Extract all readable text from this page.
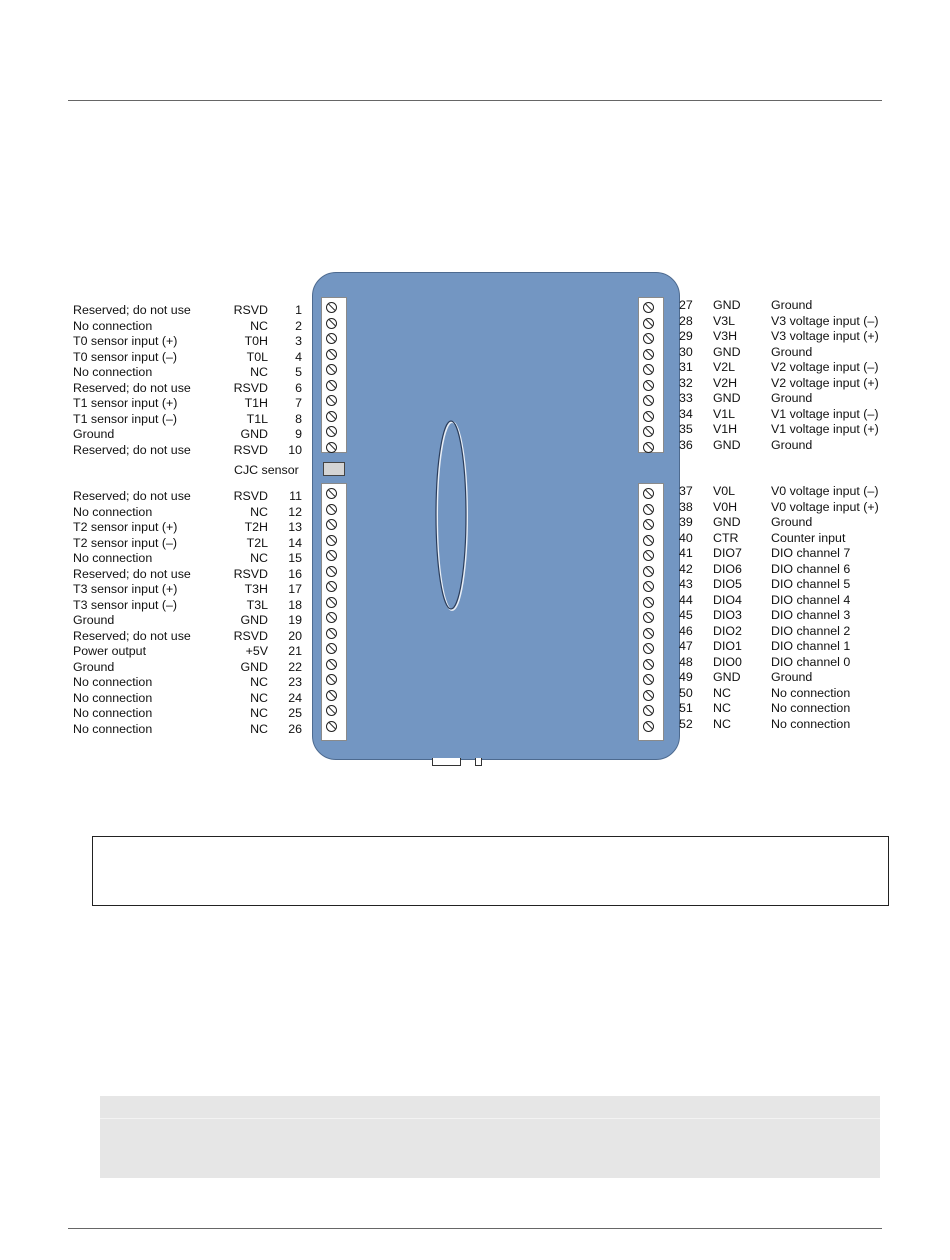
CJC sensor
Reserved; do not use	RSVD 1
No connection	NC 2
T0 sensor input (+)	T0H 3
T0 sensor input (–)	T0L 4
No connection	NC 5
Reserved; do not use	RSVD 6
T1 sensor input (+)	T1H 7
T1 sensor input (–)	T1L 8
Ground	GND 9
Reserved; do not use	RSVD 10
Reserved; do not use	RSVD 11
No connection	NC 12
T2 sensor input (+)	T2H 13
T2 sensor input (–)	T2L 14
No connection	NC 15
Reserved; do not use	RSVD 16
T3 sensor input (+)	T3H 17
T3 sensor input (–)	T3L 18
Ground	GND 19
Reserved; do not use	RSVD 20
Power output	+5V 21
Ground	GND 22
No connection	NC 23
No connection	NC 24
No connection	NC 25
No connection	NC 26
27 GND Ground
28 V3L	V3 voltage input (–)
29 V3H	V3 voltage input (+)
30 GND Ground
31 V2L	V2 voltage input (–)
32 V2H	V2 voltage input (+)
33 GND Ground
34 V1L	V1 voltage input (–)
35 V1H	V1 voltage input (+)
36 GND Ground
37 V0L	V0 voltage input (–)
38 V0H	V0 voltage input (+)
39 GND Ground
40 CTR	Counter input
41 DIO7 DIO channel 7
42 DIO6 DIO channel 6
43 DIO5 DIO channel 5
44 DIO4 DIO channel 4
45 DIO3 DIO channel 3
46 DIO2 DIO channel 2
47 DIO1 DIO channel 1
48 DIO0 DIO channel 0
49 GND Ground
50 NC	No connection
51 NC	No connection
52 NC	No connection
